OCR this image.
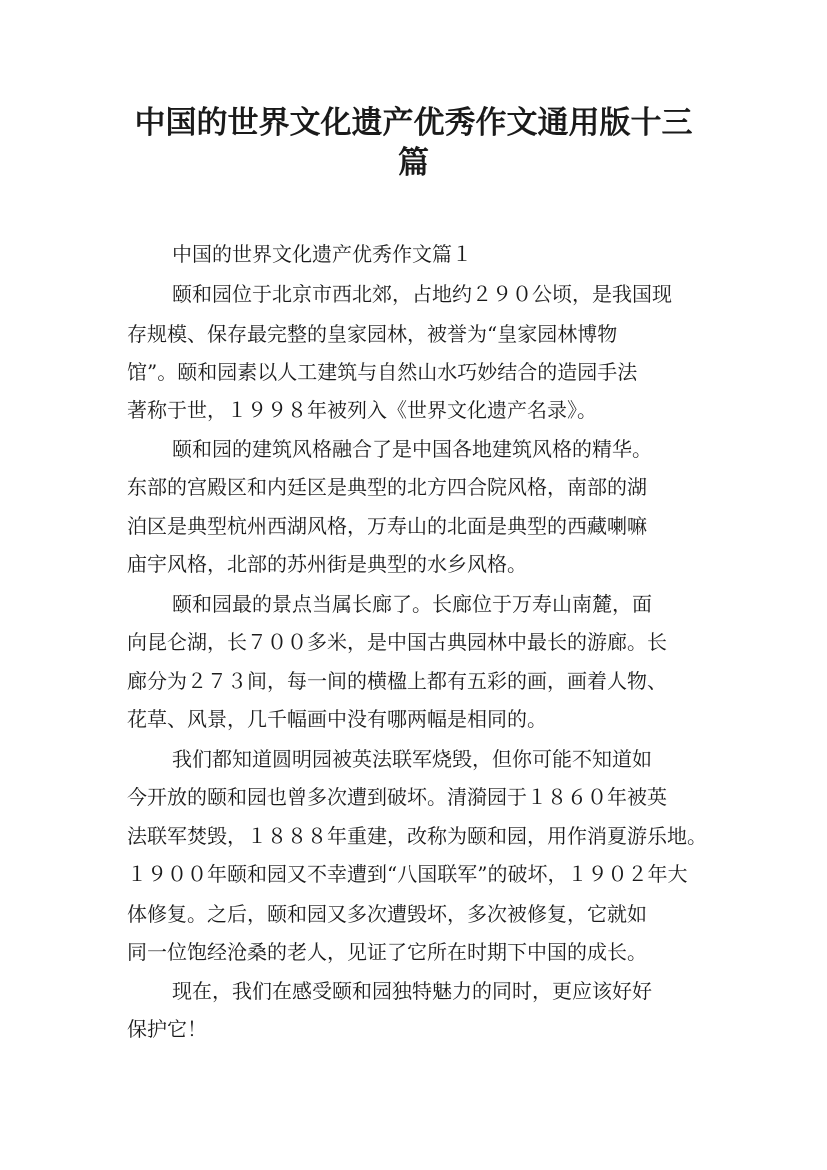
中国的世界文化遗产优秀作文通用版十三
篇
中国的世界文化遗产优秀作文篇１
颐和园位于北京市西北郊，占地约２９０公顷，是我国现
存规模、保存最完整的皇家园林，被誉为“皇家园林博物
馆”。颐和园素以人工建筑与自然山水巧妙结合的造园手法
著称于世，１９９８年被列入《世界文化遗产名录》。
颐和园的建筑风格融合了是中国各地建筑风格的精华。
东部的宫殿区和内廷区是典型的北方四合院风格，南部的湖
泊区是典型杭州西湖风格，万寿山的北面是典型的西藏喇嘛
庙宇风格，北部的苏州街是典型的水乡风格。
颐和园最的景点当属长廊了。长廊位于万寿山南麓，面
向昆仑湖，长７００多米，是中国古典园林中最长的游廊。长
廊分为２７３间，每一间的横楹上都有五彩的画，画着人物、
花草、风景，几千幅画中没有哪两幅是相同的。
我们都知道圆明园被英法联军烧毁，但你可能不知道如
今开放的颐和园也曾多次遭到破坏。清漪园于１８６０年被英
法联军焚毁，１８８８年重建，改称为颐和园，用作消夏游乐地。
１９００年颐和园又不幸遭到“八国联军”的破坏，１９０２年大
体修复。之后，颐和园又多次遭毁坏，多次被修复，它就如
同一位饱经沧桑的老人，见证了它所在时期下中国的成长。
现在，我们在感受颐和园独特魅力的同时，更应该好好
保护它！
